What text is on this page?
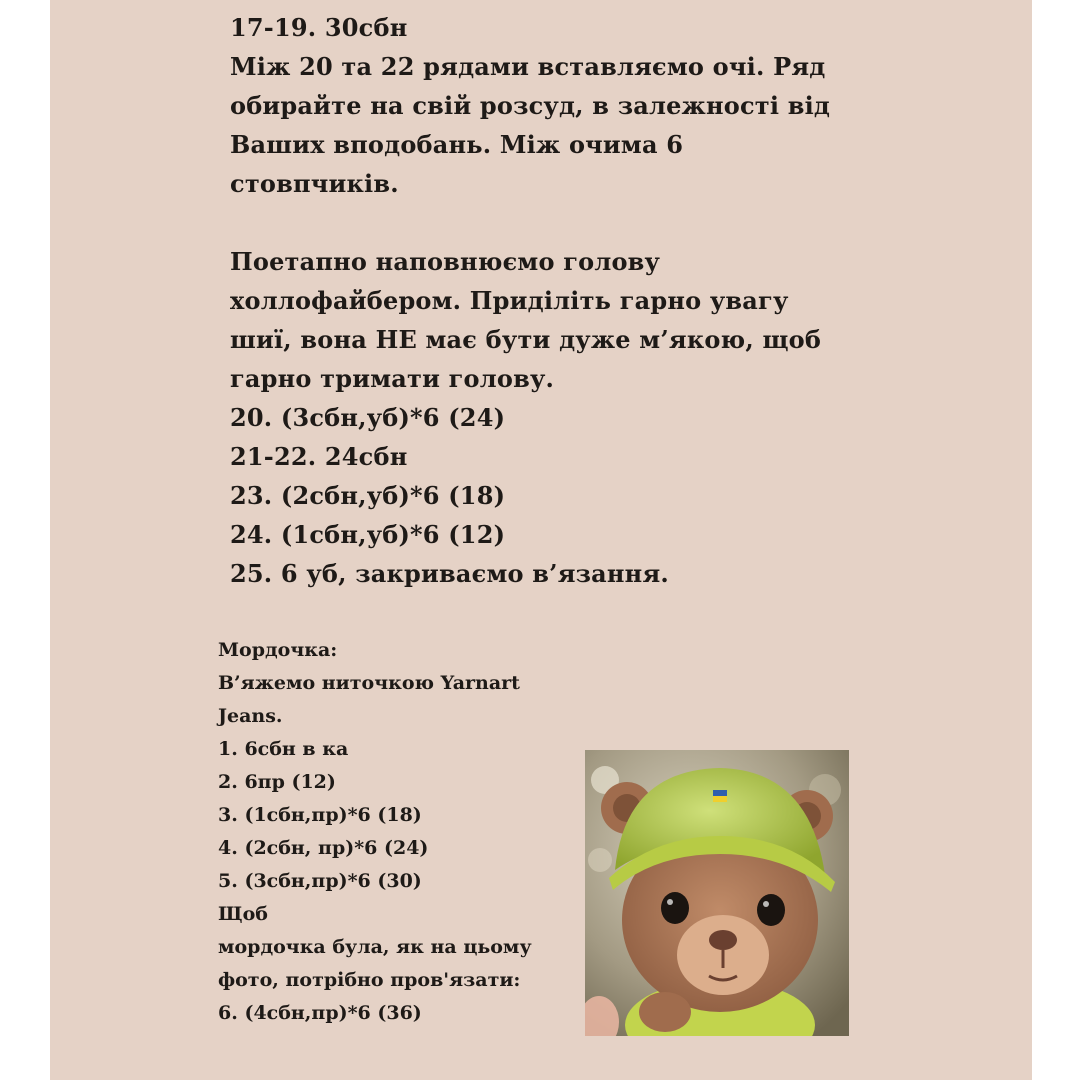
17-19. 30сбн
Між 20 та 22 рядами вставляємо очі. Ряд
обирайте на свій розсуд, в залежності від
Ваших вподобань. Між очима 6
стовпчиків.
Поетапно наповнюємо голову
холлофайбером. Приділіть гарно увагу
шиї, вона НЕ має бути дуже м’якою, щоб
гарно тримати голову.
20. (3сбн,уб)*6 (24)
21-22. 24сбн
23. (2сбн,уб)*6 (18)
24. (1сбн,уб)*6 (12)
25. 6 уб, закриваємо в’язання.
Мордочка:
В’яжемо ниточкою Yarnart
Jeans.
1. 6сбн в ка
2. 6пр (12)
3. (1сбн,пр)*6 (18)
4. (2сбн, пр)*6 (24)
5. (3сбн,пр)*6 (30)
Щоб
мордочка була, як на цьому
фото, потрібно пров'язати:
6. (4сбн,пр)*6 (36)
